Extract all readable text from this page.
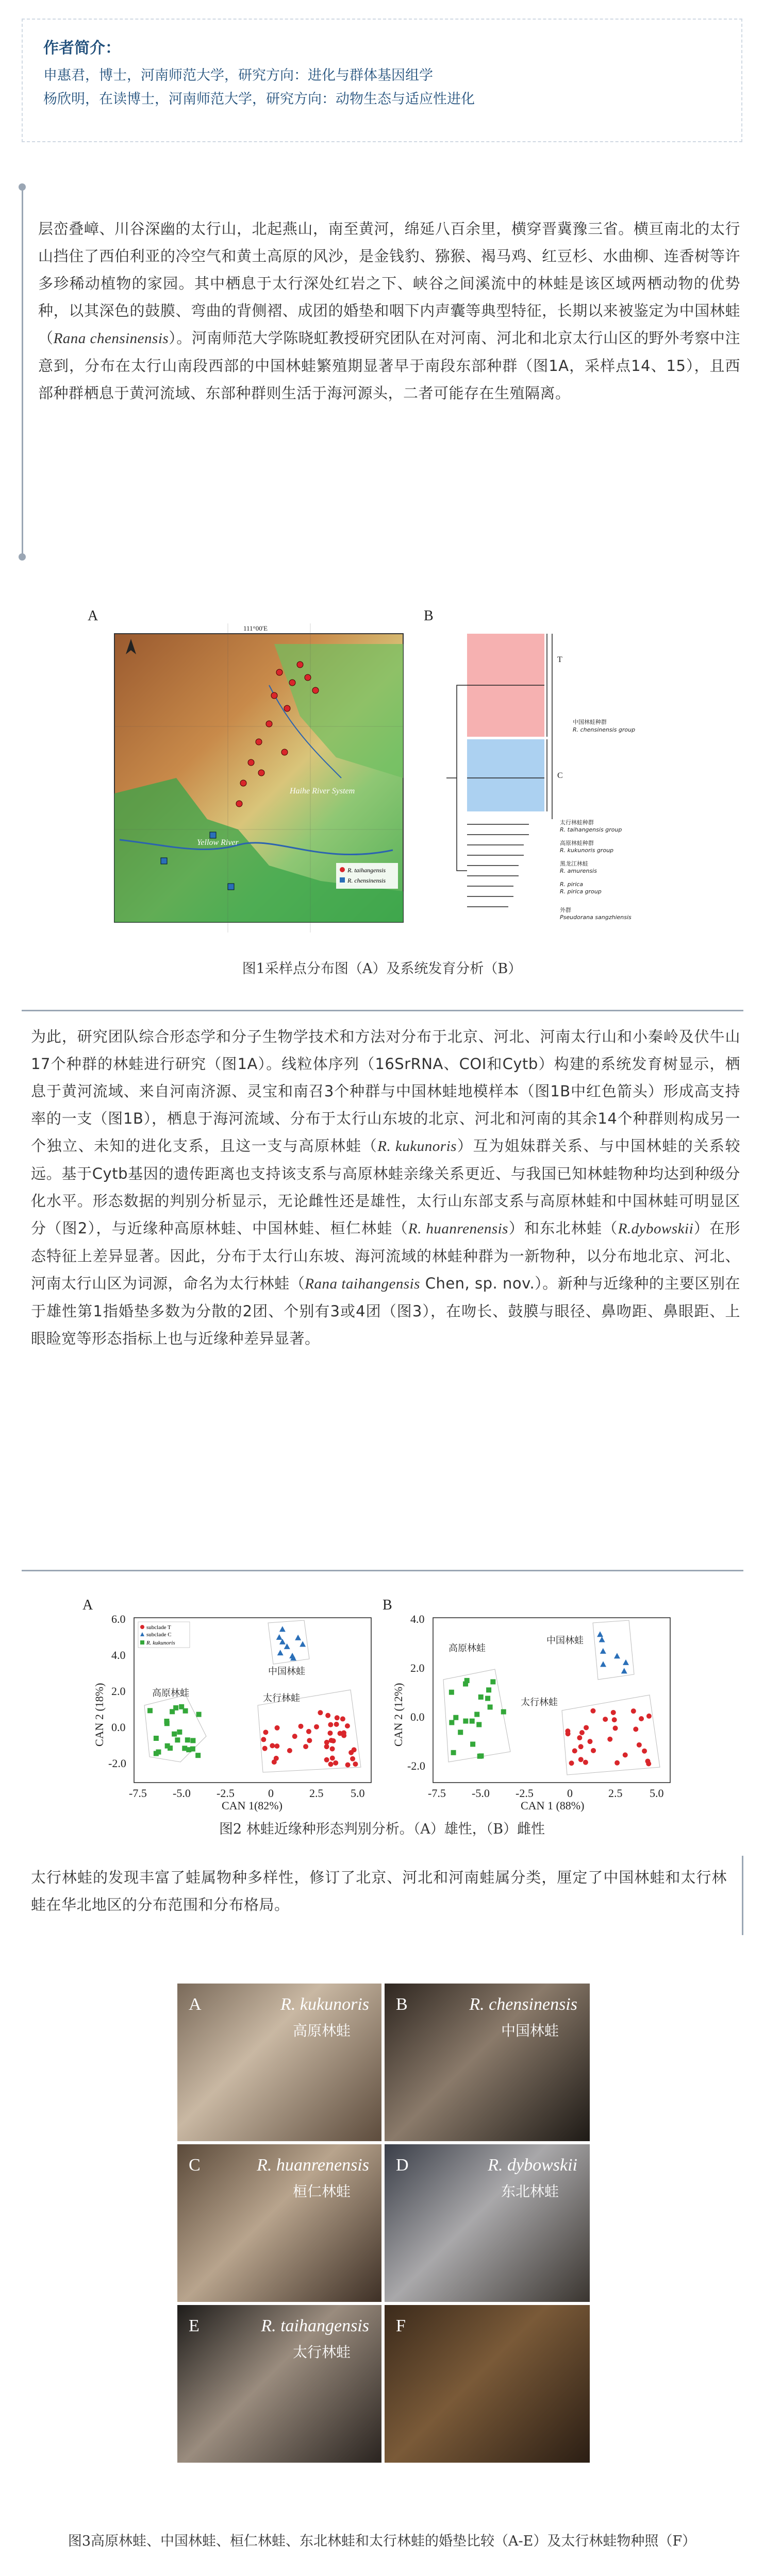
作者简介：
申惠君，博士，河南师范大学，研究方向：进化与群体基因组学
杨欣明，在读博士，河南师范大学，研究方向：动物生态与适应性进化
层峦叠嶂、川谷深幽的太行山，北起燕山，南至黄河，绵延八百余里，横穿晋冀豫三省。横亘南北的太行山挡住了西伯利亚的冷空气和黄土高原的风沙，是金钱豹、猕猴、褐马鸡、红豆杉、水曲柳、连香树等许多珍稀动植物的家园。其中栖息于太行深处红岩之下、峡谷之间溪流中的林蛙是该区域两栖动物的优势种，以其深色的鼓膜、弯曲的背侧褶、成团的婚垫和咽下内声囊等典型特征，长期以来被鉴定为中国林蛙（Rana chensinensis）。河南师范大学陈晓虹教授研究团队在对河南、河北和北京太行山区的野外考察中注意到，分布在太行山南段西部的中国林蛙繁殖期显著早于南段东部种群（图1A，采样点14、15），且西部种群栖息于黄河流域、东部种群则生活于海河源头，二者可能存在生殖隔离。
A	B
111°00'E
Haihe River System
Yellow River
R. taihangensis
R. chensinensis
T
C
中国林蛙种群
R. chensinensis group
太行林蛙种群
R. taihangensis group
高原林蛙种群
R. kukunoris group
黑龙江林蛙
R. amurensis
R. pirica
R. pirica group
外群
Pseudorana sangzhiensis
图1采样点分布图（A）及系统发育分析（B）
为此，研究团队综合形态学和分子生物学技术和方法对分布于北京、河北、河南太行山和小秦岭及伏牛山17个种群的林蛙进行研究（图1A）。线粒体序列（16SrRNA、COI和Cytb）构建的系统发育树显示，栖息于黄河流域、来自河南济源、灵宝和南召3个种群与中国林蛙地模样本（图1B中红色箭头）形成高支持率的一支（图1B），栖息于海河流域、分布于太行山东坡的北京、河北和河南的其余14个种群则构成另一个独立、未知的进化支系，且这一支与高原林蛙（R. kukunoris）互为姐妹群关系、与中国林蛙的关系较远。基于Cytb基因的遗传距离也支持该支系与高原林蛙亲缘关系更近、与我国已知林蛙物种均达到种级分化水平。形态数据的判别分析显示，无论雌性还是雄性，太行山东部支系与高原林蛙和中国林蛙可明显区分（图2），与近缘种高原林蛙、中国林蛙、桓仁林蛙（R. huanrenensis）和东北林蛙（R.dybowskii）在形态特征上差异显著。因此，分布于太行山东坡、海河流域的林蛙种群为一新物种，以分布地北京、河北、河南太行山区为词源，命名为太行林蛙（Rana taihangensis Chen, sp. nov.）。新种与近缘种的主要区别在于雄性第1指婚垫多数为分散的2团、个别有3或4团（图3），在吻长、鼓膜与眼径、鼻吻距、鼻眼距、上眼睑宽等形态指标上也与近缘种差异显著。
A	B
6.0
4.0
2.0
0.0
-2.0
-7.5 -5.0 -2.5	0	2.5 5.0
CAN 1(82%)
CAN 2 (18%)
subclade T
subclade C
R. kukunoris
中国林蛙
高原林蛙	太行林蛙
4.0
2.0
0.0
-2.0
-7.5 -5.0 -2.5	0	2.5 5.0
CAN 1 (88%)
CAN 2 (12%)
中国林蛙
高原林蛙
太行林蛙
图2 林蛙近缘种形态判别分析。（A）雄性，（B）雌性
太行林蛙的发现丰富了蛙属物种多样性，修订了北京、河北和河南蛙属分类，厘定了中国林蛙和太行林蛙在华北地区的分布范围和分布格局。
A	R. kukunoris
高原林蛙
B	R. chensinensis
中国林蛙
C	R. huanrenensis
桓仁林蛙
D	R. dybowskii
东北林蛙
E	R. taihangensis
太行林蛙
F
图3高原林蛙、中国林蛙、桓仁林蛙、东北林蛙和太行林蛙的婚垫比较（A-E）及太行林蛙物种照（F）
